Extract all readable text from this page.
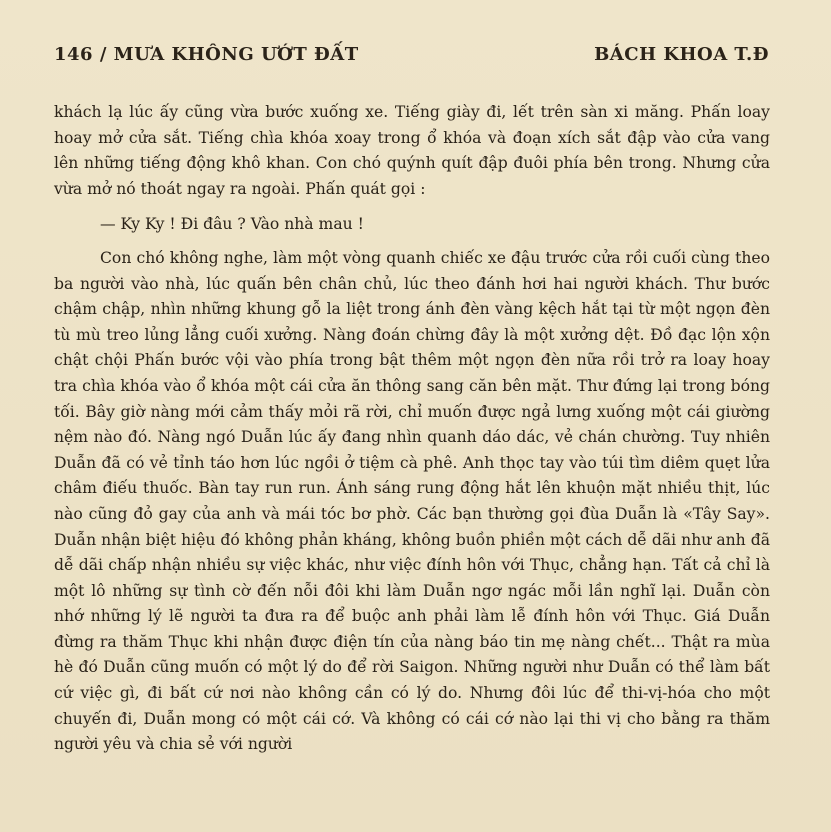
146 / MƯA KHÔNG ƯỚT ĐẤT	BÁCH KHOA T.Đ

khách lạ lúc ấy cũng vừa bước xuống xe. Tiếng giày đi, lết trên sàn xi măng. Phấn loay hoay mở cửa sắt. Tiếng chìa khóa xoay trong ổ khóa và đoạn xích sắt đập vào cửa vang lên những tiếng động khô khan. Con chó quýnh quít đập đuôi phía bên trong. Nhưng cửa vừa mở nó thoát ngay ra ngoài. Phấn quát gọi :

— Ky Ky ! Đi đâu ? Vào nhà mau !

Con chó không nghe, làm một vòng quanh chiếc xe đậu trước cửa rồi cuối cùng theo ba người vào nhà, lúc quấn bên chân chủ, lúc theo đánh hơi hai người khách. Thư bước chậm chập, nhìn những khung gỗ la liệt trong ánh đèn vàng kệch hắt tại từ một ngọn đèn tù mù treo lủng lẳng cuối xưởng. Nàng đoán chừng đây là một xưởng dệt. Đồ đạc lộn xộn chật chội Phấn bước vội vào phía trong bật thêm một ngọn đèn nữa rồi trở ra loay hoay tra chìa khóa vào ổ khóa một cái cửa ăn thông sang căn bên mặt. Thư đứng lại trong bóng tối. Bây giờ nàng mới cảm thấy mỏi rã rời, chỉ muốn được ngả lưng xuống một cái giường nệm nào đó. Nàng ngó Duẫn lúc ấy đang nhìn quanh dáo dác, vẻ chán chường. Tuy nhiên Duẫn đã có vẻ tỉnh táo hơn lúc ngồi ở tiệm cà phê. Anh thọc tay vào túi tìm diêm quẹt lửa châm điếu thuốc. Bàn tay run run. Ánh sáng rung động hắt lên khuộn mặt nhiều thịt, lúc nào cũng đỏ gay của anh và mái tóc bơ phờ. Các bạn thường gọi đùa Duẫn là «Tây Say». Duẫn nhận biệt hiệu đó không phản kháng, không buồn phiền một cách dễ dãi như anh đã dễ dãi chấp nhận nhiều sự việc khác, như việc đính hôn với Thục, chẳng hạn. Tất cả chỉ là một lô những sự tình cờ đến nỗi đôi khi làm Duẫn ngơ ngác mỗi lần nghĩ lại. Duẫn còn nhớ những lý lẽ người ta đưa ra để buộc anh phải làm lễ đính hôn với Thục. Giá Duẫn đừng ra thăm Thục khi nhận được điện tín của nàng báo tin mẹ nàng chết... Thật ra mùa hè đó Duẫn cũng muốn có một lý do để rời Saigon. Những người như Duẫn có thể làm bất cứ việc gì, đi bất cứ nơi nào không cần có lý do. Nhưng đôi lúc để thi-vị-hóa cho một chuyến đi, Duẫn mong có một cái cớ. Và không có cái cớ nào lại thi vị cho bằng ra thăm người yêu và chia sẻ với người
